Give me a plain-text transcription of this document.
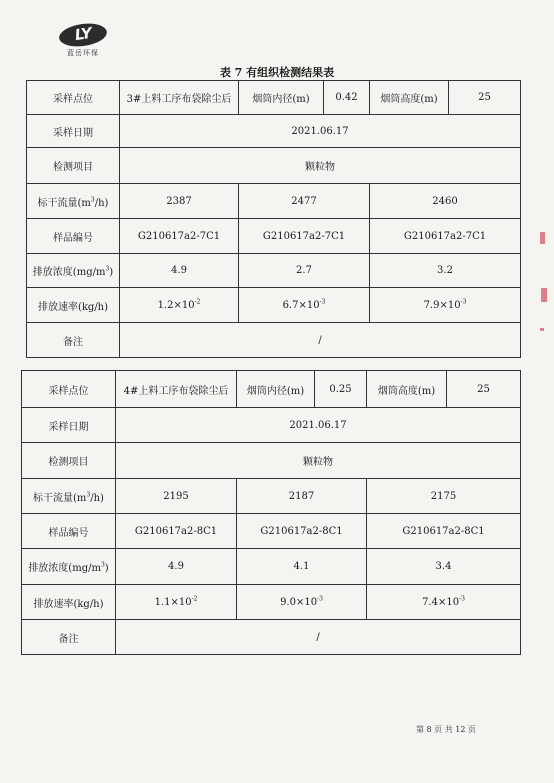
LY
蓝岳环保
表 7 有组织检测结果表
采样点位	3#上料工序布袋除尘后	烟筒内径(m)	0.42	烟筒高度(m)	25
采样日期	2021.06.17				
检测项目	颗粒物				
标干流量$(m^3/h)$	2387	2477		2460	
样品编号	G210617a2-7C1	G210617a2-7C1		G210617a2-7C1	
排放浓度$(mg/m^3)$	4.9	2.7		3.2	
排放速率(kg/h)	$1.2\times 10^{-2}$	$6.7\times 10^{-3}$		$7.9\times 10^{-3}$
备注	/				
采样点位	4#上料工序布袋除尘后	烟筒内径(m)	0.25	烟筒高度(m)	25
采样日期	2021.06.17				
检测项目	颗粒物				
标干流量$(m^3/h)$	2195	2187		2175	
样品编号	G210617a2-8C1	G210617a2-8C1		G210617a2-8C1	
排放浓度$(mg/m^3)$	4.9	4.1		3.4	
排放速率(kg/h)	$1.1\times 10^{-2}$	$9.0\times 10^{-3}$		$7.4\times 10^{-3}$
备注	/				
第 8 页 共 12 页
